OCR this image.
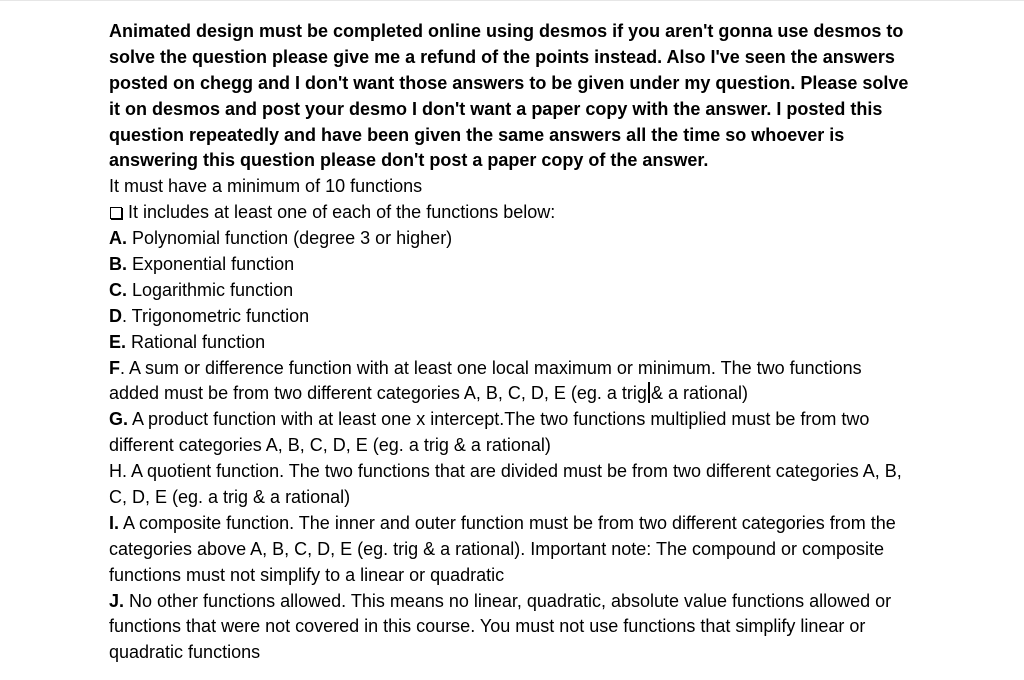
Animated design must be completed online using desmos if you aren't gonna use desmos to
solve the question please give me a refund of the points instead. Also I've seen the answers
posted on chegg and I don't want those answers to be given under my question. Please solve
it on desmos and post your desmo I don't want a paper copy with the answer. I posted this
question repeatedly and have been given the same answers all the time so whoever is
answering this question please don't post a paper copy of the answer.
It must have a minimum of 10 functions
It includes at least one of each of the functions below:
A. Polynomial function (degree 3 or higher)
B. Exponential function
C. Logarithmic function
D. Trigonometric function
E. Rational function
F. A sum or difference function with at least one local maximum or minimum. The two functions
added must be from two different categories A, B, C, D, E (eg. a trig & a rational)
G. A product function with at least one x intercept.The two functions multiplied must be from two
different categories A, B, C, D, E (eg. a trig & a rational)
H. A quotient function. The two functions that are divided must be from two different categories A, B,
C, D, E (eg. a trig & a rational)
I. A composite function. The inner and outer function must be from two different categories from the
categories above A, B, C, D, E (eg. trig & a rational). Important note: The compound or composite
functions must not simplify to a linear or quadratic
J. No other functions allowed. This means no linear, quadratic, absolute value functions allowed or
functions that were not covered in this course. You must not use functions that simplify linear or
quadratic functions
